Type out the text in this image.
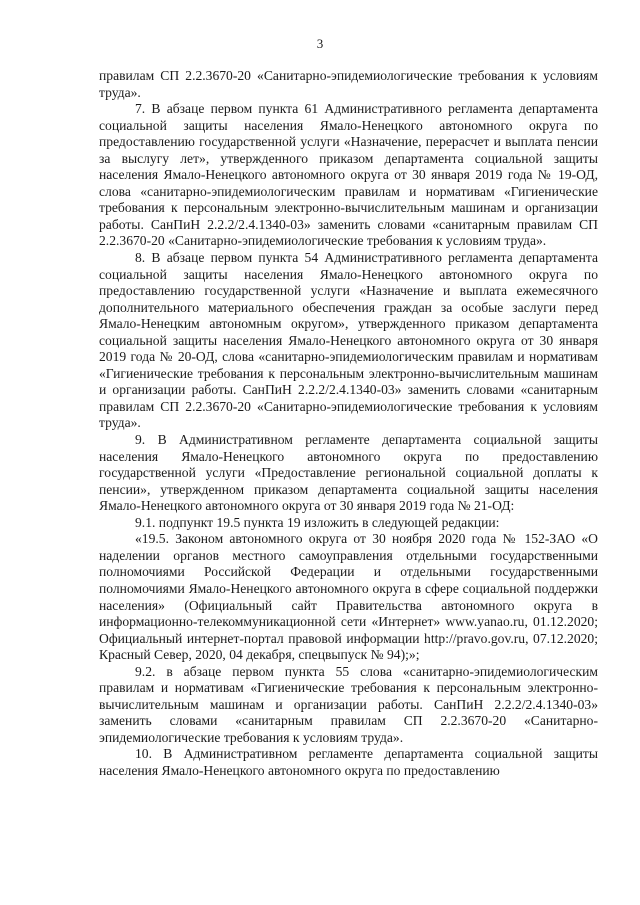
3

правилам СП 2.2.3670-20 «Санитарно-эпидемиологические требования к условиям труда».

7. В абзаце первом пункта 61 Административного регламента департамента социальной защиты населения Ямало-Ненецкого автономного округа по предоставлению государственной услуги «Назначение, перерасчет и выплата пенсии за выслугу лет», утвержденного приказом департамента социальной защиты населения Ямало-Ненецкого автономного округа от 30 января 2019 года № 19-ОД, слова «санитарно-эпидемиологическим правилам и нормативам «Гигиенические требования к персональным электронно-вычислительным машинам и организации работы. СанПиН 2.2.2/2.4.1340-03» заменить словами «санитарным правилам СП 2.2.3670-20 «Санитарно-эпидемиологические требования к условиям труда».

8. В абзаце первом пункта 54 Административного регламента департамента социальной защиты населения Ямало-Ненецкого автономного округа по предоставлению государственной услуги «Назначение и выплата ежемесячного дополнительного материального обеспечения граждан за особые заслуги перед Ямало-Ненецким автономным округом», утвержденного приказом департамента социальной защиты населения Ямало-Ненецкого автономного округа от 30 января 2019 года № 20-ОД, слова «санитарно-эпидемиологическим правилам и нормативам «Гигиенические требования к персональным электронно-вычислительным машинам и организации работы. СанПиН 2.2.2/2.4.1340-03» заменить словами «санитарным правилам СП 2.2.3670-20 «Санитарно-эпидемиологические требования к условиям труда».

9. В Административном регламенте департамента социальной защиты населения Ямало-Ненецкого автономного округа по предоставлению государственной услуги «Предоставление региональной социальной доплаты к пенсии», утвержденном приказом департамента социальной защиты населения Ямало-Ненецкого автономного округа от 30 января 2019 года № 21-ОД:

9.1. подпункт 19.5 пункта 19 изложить в следующей редакции:

«19.5. Законом автономного округа от 30 ноября 2020 года № 152-ЗАО «О наделении органов местного самоуправления отдельными государственными полномочиями Российской Федерации и отдельными государственными полномочиями Ямало-Ненецкого автономного округа в сфере социальной поддержки населения» (Официальный сайт Правительства автономного округа в информационно-телекоммуникационной сети «Интернет» www.yanao.ru, 01.12.2020; Официальный интернет-портал правовой информации http://pravo.gov.ru, 07.12.2020; Красный Север, 2020, 04 декабря, спецвыпуск № 94);»;

9.2. в абзаце первом пункта 55 слова «санитарно-эпидемиологическим правилам и нормативам «Гигиенические требования к персональным электронно-вычислительным машинам и организации работы. СанПиН 2.2.2/2.4.1340-03» заменить словами «санитарным правилам СП 2.2.3670-20 «Санитарно-эпидемиологические требования к условиям труда».

10. В Административном регламенте департамента социальной защиты населения Ямало-Ненецкого автономного округа по предоставлению
